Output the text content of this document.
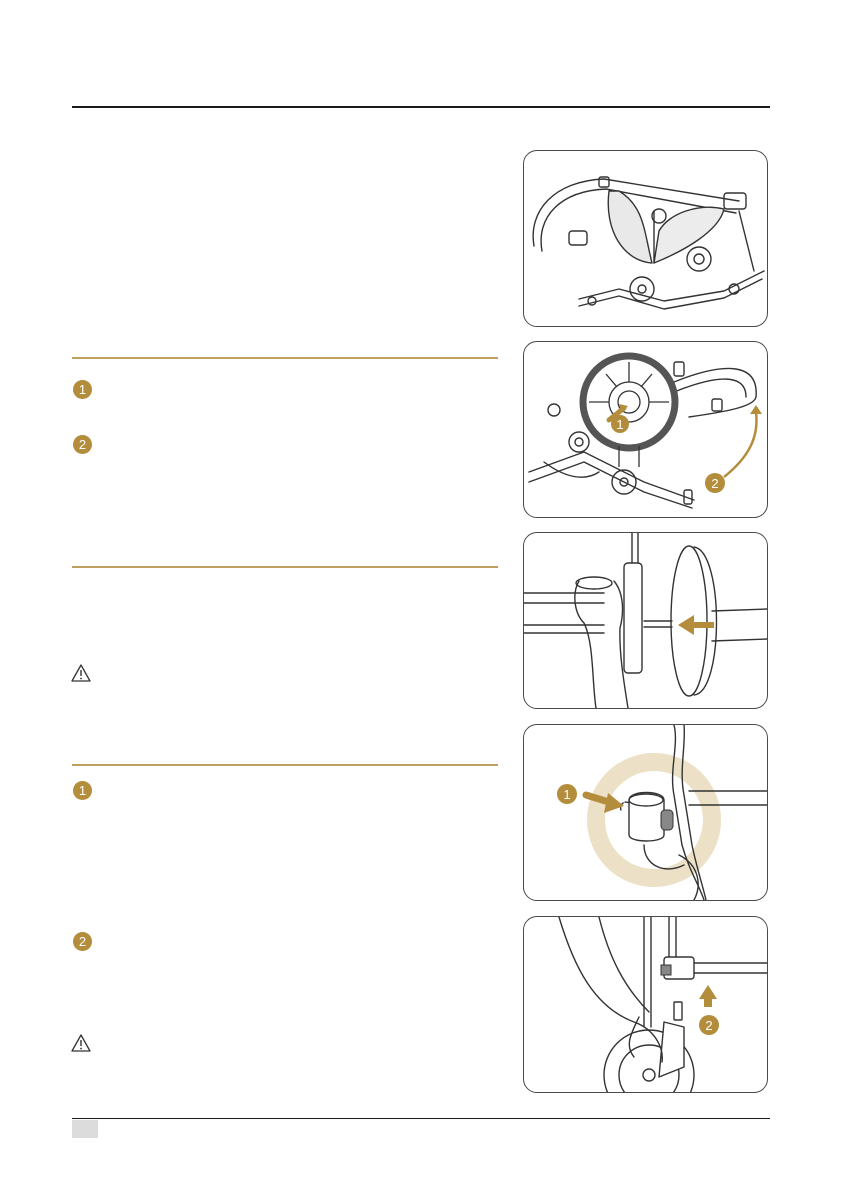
1
2
1
2
1
2
1
2
